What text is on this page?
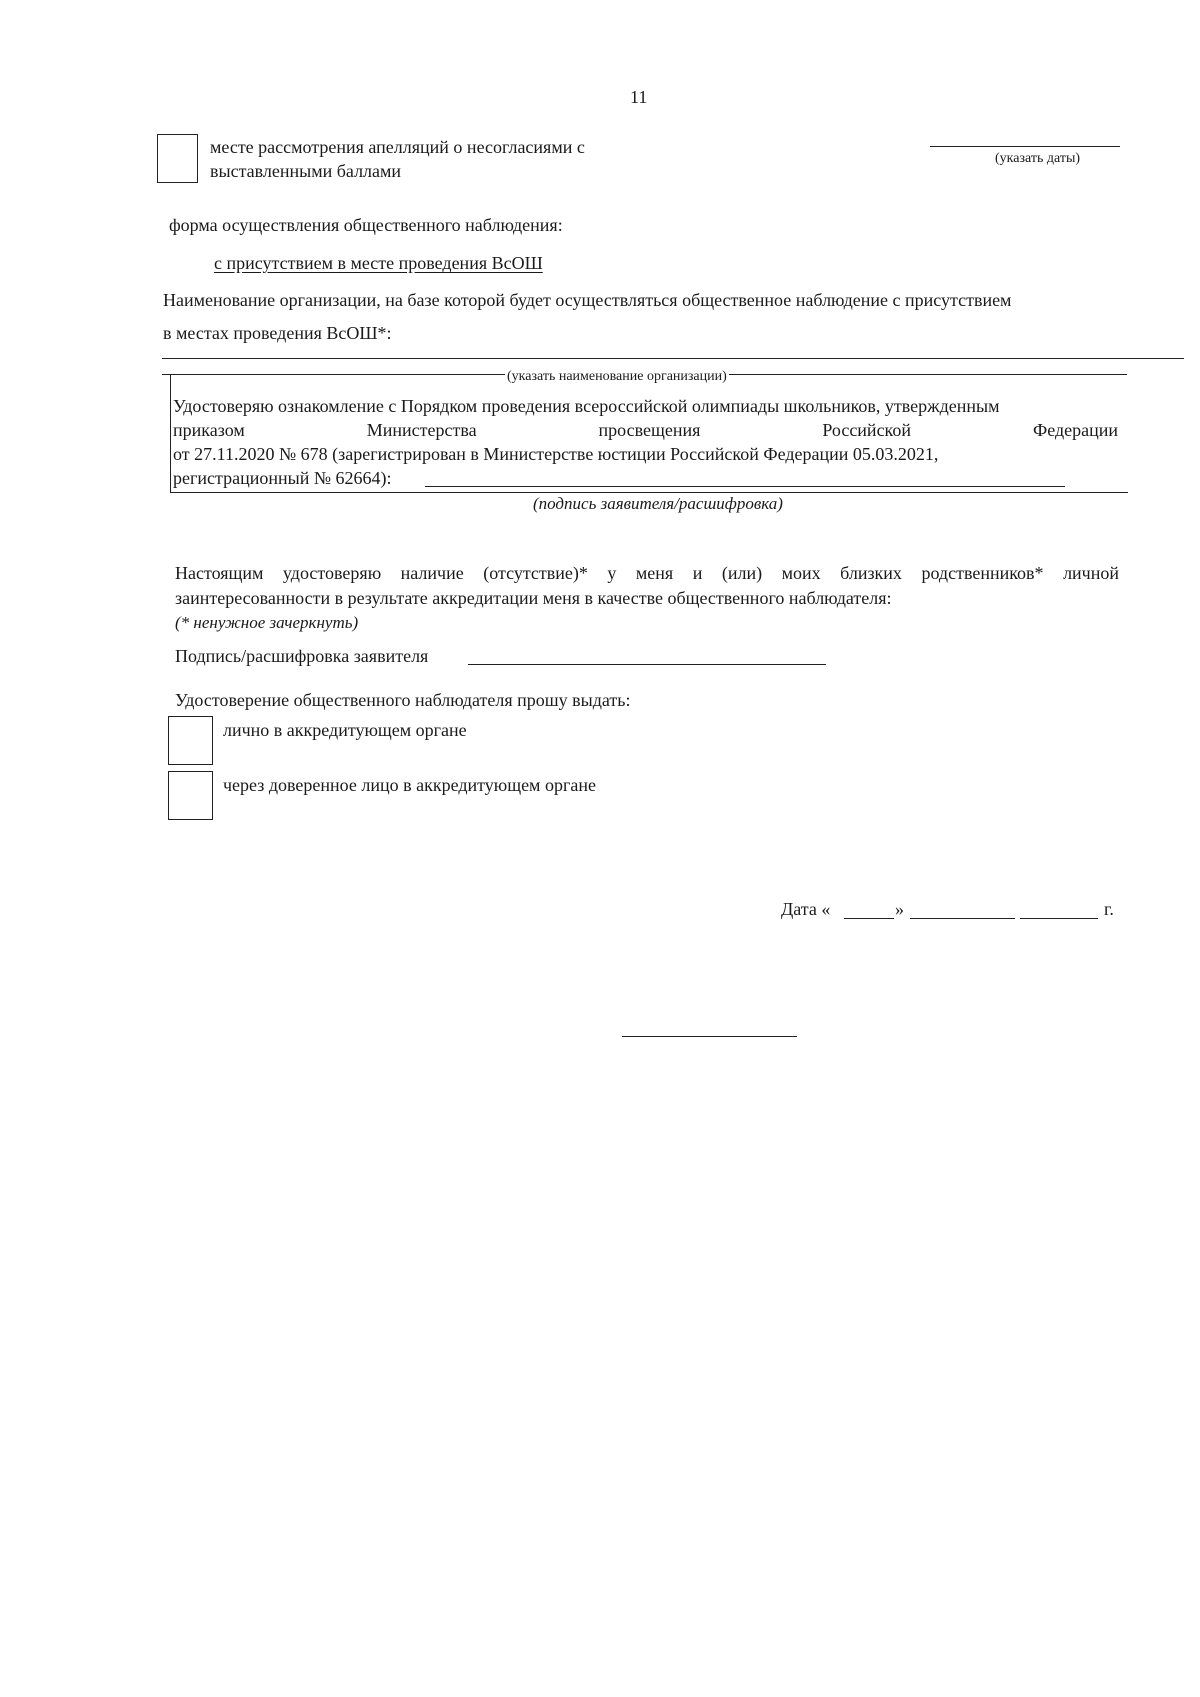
11
месте рассмотрения апелляций о несогласиями с
выставленными баллами
(указать даты)
форма осуществления общественного наблюдения:
с присутствием в месте проведения ВсОШ
Наименование организации, на базе которой будет осуществляться общественное наблюдение с присутствием
в местах проведения ВсОШ*:
(указать наименование организации)
Удостоверяю ознакомление с Порядком проведения всероссийской олимпиады школьников, утвержденным
приказом	Министерства	просвещения	Российской	Федерации
от 27.11.2020 № 678 (зарегистрирован в Министерстве юстиции Российской Федерации 05.03.2021,
регистрационный № 62664):
(подпись заявителя/расшифровка)
Настоящим удостоверяю наличие (отсутствие)* у меня и (или) моих близких родственников* личной
заинтересованности в результате аккредитации меня в качестве общественного наблюдателя:
(* ненужное зачеркнуть)
Подпись/расшифровка заявителя
Удостоверение общественного наблюдателя прошу выдать:
лично в аккредитующем органе
через доверенное лицо в аккредитующем органе
Дата «	»	г.
